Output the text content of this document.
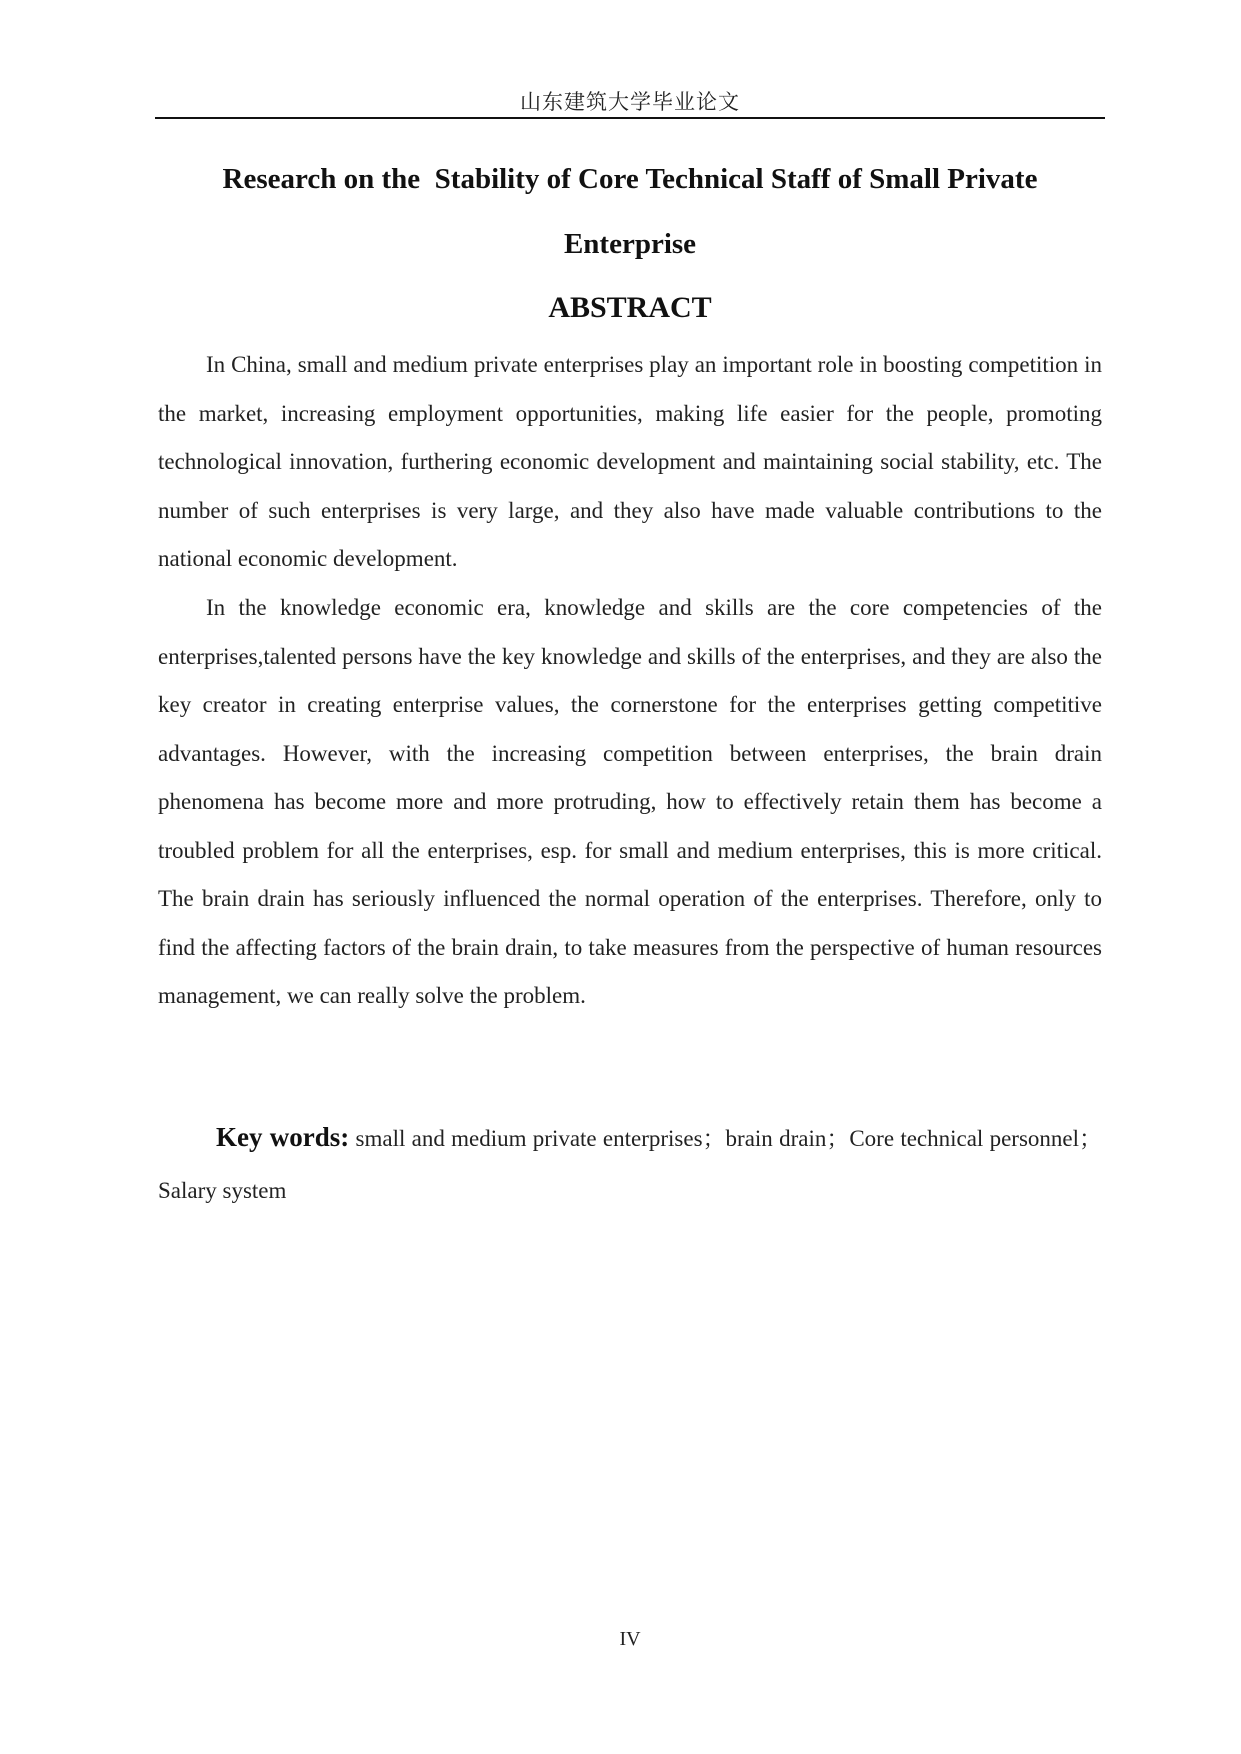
山东建筑大学毕业论文
Research on the  Stability of Core Technical Staff of Small Private
Enterprise
ABSTRACT

In China, small and medium private enterprises play an important role in boosting competition in the market, increasing employment opportunities, making life easier for the people, promoting technological innovation, furthering economic development and maintaining social stability, etc. The number of such enterprises is very large, and they also have made valuable contributions to the national economic development.

In the knowledge economic era, knowledge and skills are the core competencies of the enterprises,talented persons have the key knowledge and skills of the enterprises, and they are also the key creator in creating enterprise values, the cornerstone for the enterprises getting competitive advantages. However, with the increasing competition between enterprises, the brain drain phenomena has become more and more protruding, how to effectively retain them has become a troubled problem for all the enterprises, esp. for small and medium enterprises, this is more critical. The brain drain has seriously influenced the normal operation of the enterprises. Therefore, only to find the affecting factors of the brain drain, to take measures from the perspective of human resources management, we can really solve the problem.

Key words: small and medium private enterprises；brain drain；Core technical personnel；Salary system

IV
